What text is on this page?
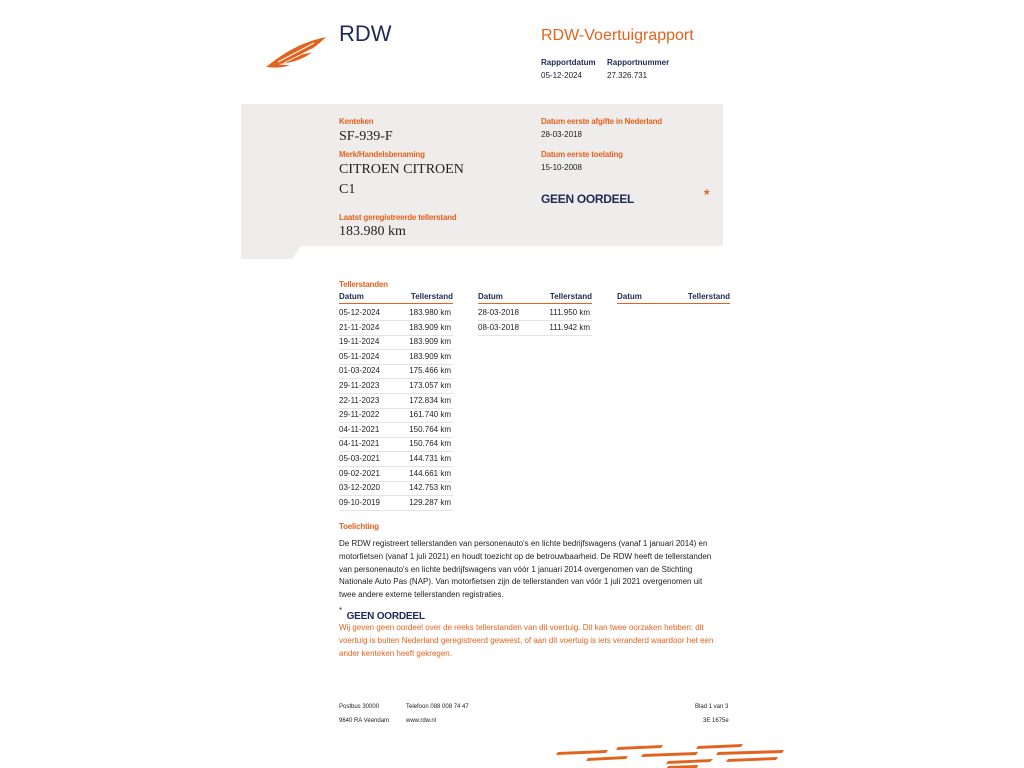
RDW	RDW-Voertuigrapport
Rapportdatum
05-12-2024
Rapportnummer
27.326.731
Kenteken
SF-939-F
Merk/Handelsbenaming
CITROEN CITROEN
C1
Laatst geregistreerde tellerstand
183.980 km
Datum eerste afgifte in Nederland
28-03-2018
Datum eerste toelating
15-10-2008
GEEN OORDEEL	*
Tellerstanden
Datum	Tellerstand
05-12-2024	183.980 km
21-11-2024	183.909 km
19-11-2024	183.909 km
05-11-2024	183.909 km
01-03-2024	175.466 km
29-11-2023	173.057 km
22-11-2023	172.834 km
29-11-2022	161.740 km
04-11-2021	150.764 km
04-11-2021	150.764 km
05-03-2021	144.731 km
09-02-2021	144.661 km
03-12-2020	142.753 km
09-10-2019	129.287 km
Datum	Tellerstand
28-03-2018	111.950 km
08-03-2018	111.942 km
Datum	Tellerstand
Toelichting
De RDW registreert tellerstanden van personenauto's en lichte bedrijfswagens (vanaf 1 januari 2014) en
motorfietsen (vanaf 1 juli 2021) en houdt toezicht op de betrouwbaarheid. De RDW heeft de tellerstanden
van personenauto's en lichte bedrijfswagens van vóór 1 januari 2014 overgenomen van de Stichting
Nationale Auto Pas (NAP). Van motorfietsen zijn de tellerstanden van vóór 1 juli 2021 overgenomen uit
twee andere externe tellerstanden registraties.
* GEEN OORDEEL
Wij geven geen oordeel over de reeks tellerstanden van dit voertuig. Dit kan twee oorzaken hebben: dit
voertuig is buiten Nederland geregistreerd geweest, of aan dit voertuig is iets veranderd waardoor het een
ander kenteken heeft gekregen.
Postbus 30000
9640 RA Veendam
Telefoon 088 008 74 47
www.rdw.nl
Blad 1 van 3
3E 1675e
